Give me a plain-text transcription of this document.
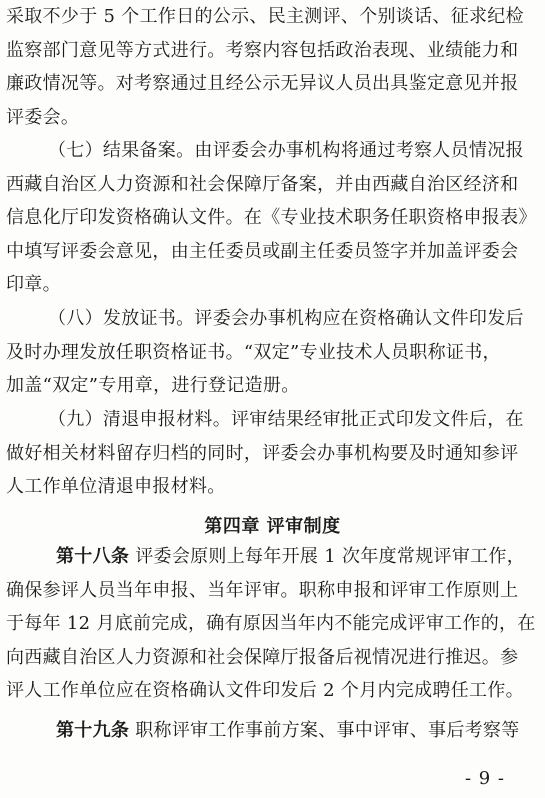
采取不少于 5 个工作日的公示、民主测评、个别谈话、征求纪检
监察部门意见等方式进行。考察内容包括政治表现、业绩能力和
廉政情况等。对考察通过且经公示无异议人员出具鉴定意见并报
评委会。
（七）结果备案。由评委会办事机构将通过考察人员情况报
西藏自治区人力资源和社会保障厅备案，并由西藏自治区经济和
信息化厅印发资格确认文件。在《专业技术职务任职资格申报表》
中填写评委会意见，由主任委员或副主任委员签字并加盖评委会
印章。
（八）发放证书。评委会办事机构应在资格确认文件印发后
及时办理发放任职资格证书。“双定”专业技术人员职称证书，
加盖“双定”专用章，进行登记造册。
（九）清退申报材料。评审结果经审批正式印发文件后，在
做好相关材料留存归档的同时，评委会办事机构要及时通知参评
人工作单位清退申报材料。
第四章 评审制度
第十八条 评委会原则上每年开展 1 次年度常规评审工作，
确保参评人员当年申报、当年评审。职称申报和评审工作原则上
于每年 12 月底前完成，确有原因当年内不能完成评审工作的，在
向西藏自治区人力资源和社会保障厅报备后视情况进行推迟。参
评人工作单位应在资格确认文件印发后 2 个月内完成聘任工作。
第十九条 职称评审工作事前方案、事中评审、事后考察等
- 9 -
